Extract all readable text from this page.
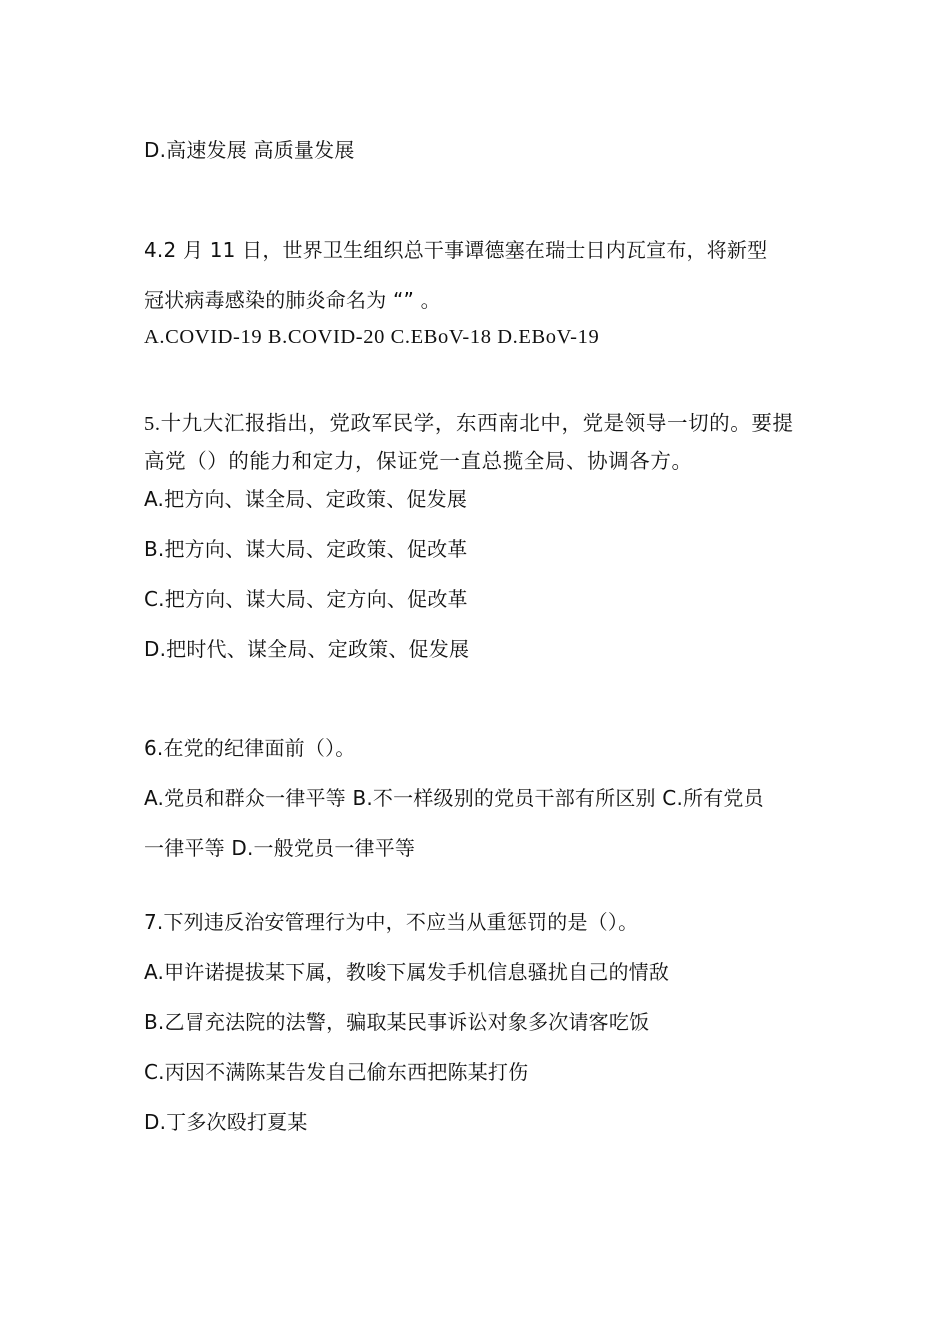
D.高速发展 高质量发展
4.2 月 11 日，世界卫生组织总干事谭德塞在瑞士日内瓦宣布，将新型
冠状病毒感染的肺炎命名为 “” 。
A.COVID-19 B.COVID-20 C.EBoV-18 D.EBoV-19
5.十九大汇报指出，党政军民学，东西南北中，党是领导一切的。要提
高党（）的能力和定力，保证党一直总揽全局、协调各方。
A.把方向、谋全局、定政策、促发展
B.把方向、谋大局、定政策、促改革
C.把方向、谋大局、定方向、促改革
D.把时代、谋全局、定政策、促发展
6.在党的纪律面前（）。
A.党员和群众一律平等 B.不一样级别的党员干部有所区别 C.所有党员
一律平等 D.一般党员一律平等
7.下列违反治安管理行为中，不应当从重惩罚的是（）。
A.甲许诺提拔某下属，教唆下属发手机信息骚扰自己的情敌
B.乙冒充法院的法警，骗取某民事诉讼对象多次请客吃饭
C.丙因不满陈某告发自己偷东西把陈某打伤
D.丁多次殴打夏某
